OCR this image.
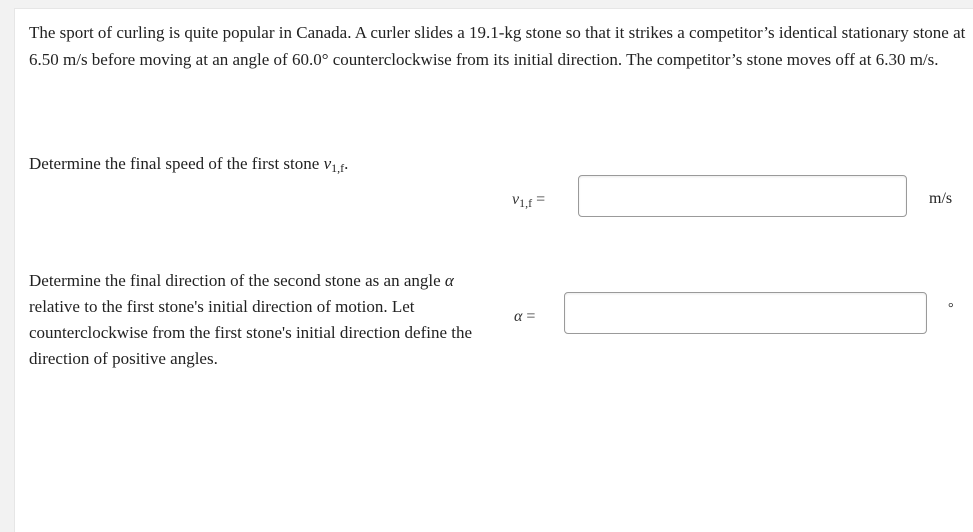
The sport of curling is quite popular in Canada. A curler slides a 19.1-kg stone so that it strikes a competitor’s identical stationary stone at 6.50 m/s before moving at an angle of 60.0° counterclockwise from its initial direction. The competitor’s stone moves off at 6.30 m/s.

Determine the final speed of the first stone $v_{1,f}$.

$v_{1,f}$ =	m/s

Determine the final direction of the second stone as an angle α relative to the first stone's initial direction of motion. Let counterclockwise from the first stone's initial direction define the direction of positive angles.

α =	°
